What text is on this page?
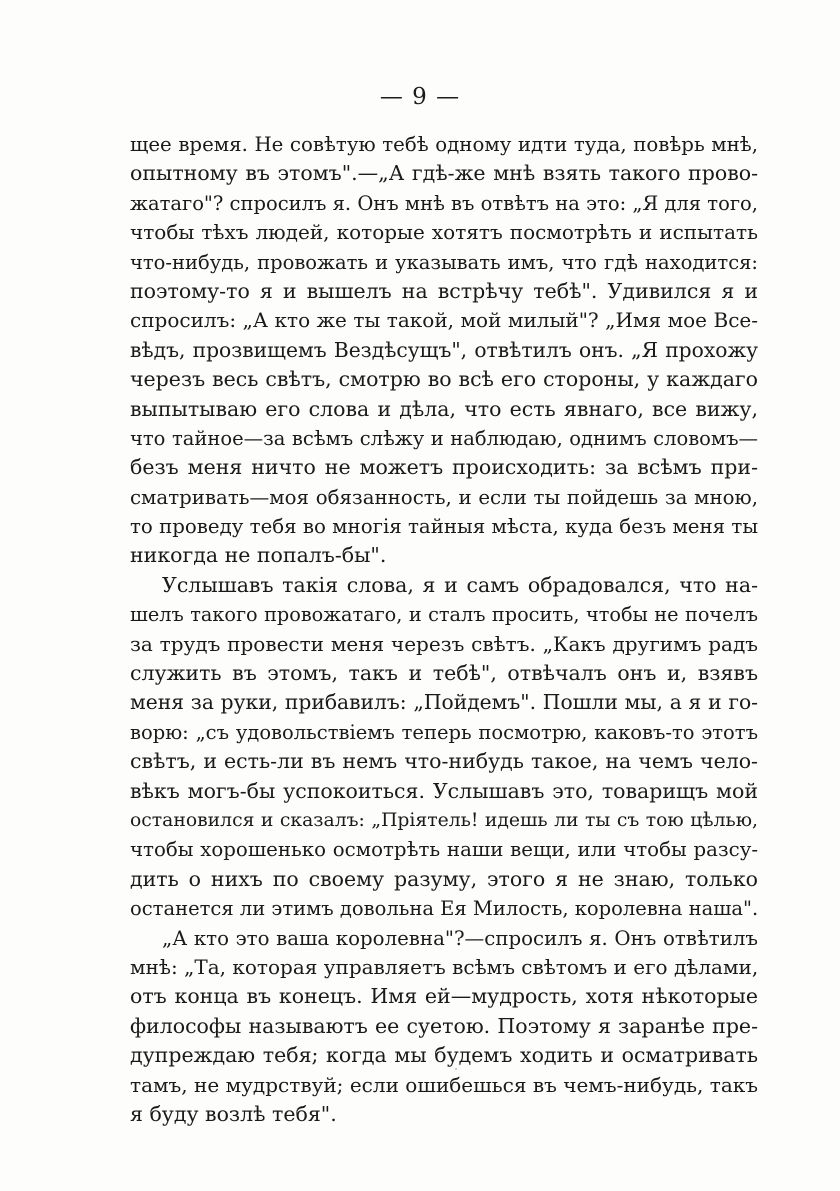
— 9 —
щее время. Не совѣтую тебѣ одному идти туда, повѣрь мнѣ,
опытному въ этомъ".—„А гдѣ-же мнѣ взять такого прово-
жатаго"? спросилъ я. Онъ мнѣ въ отвѣтъ на это: „Я для того,
чтобы тѣхъ людей, которые хотятъ посмотрѣть и испытать
что-нибудь, провожать и указывать имъ, что гдѣ находится:
поэтому-то я и вышелъ на встрѣчу тебѣ". Удивился я и
спросилъ: „А кто же ты такой, мой милый"? „Имя мое Все-
вѣдъ, прозвищемъ Вездѣсущъ", отвѣтилъ онъ. „Я прохожу
черезъ весь свѣтъ, смотрю во всѣ его стороны, у каждаго
выпытываю его слова и дѣла, что есть явнаго, все вижу,
что тайное—за всѣмъ слѣжу и наблюдаю, однимъ словомъ—
безъ меня ничто не можетъ происходить: за всѣмъ при-
сматривать—моя обязанность, и если ты пойдешь за мною,
то проведу тебя во многія тайныя мѣста, куда безъ меня ты
никогда не попалъ-бы".
Услышавъ такія слова, я и самъ обрадовался, что на-
шелъ такого провожатаго, и сталъ просить, чтобы не почелъ
за трудъ провести меня черезъ свѣтъ. „Какъ другимъ радъ
служить въ этомъ, такъ и тебѣ", отвѣчалъ онъ и, взявъ
меня за руки, прибавилъ: „Пойдемъ". Пошли мы, а я и го-
ворю: „съ удовольствіемъ теперь посмотрю, каковъ-то этотъ
свѣтъ, и есть-ли въ немъ что-нибудь такое, на чемъ чело-
вѣкъ могъ-бы успокоиться. Услышавъ это, товарищъ мой
остановился и сказалъ: „Пріятель! идешь ли ты съ тою цѣлью,
чтобы хорошенько осмотрѣть наши вещи, или чтобы разсу-
дить о нихъ по своему разуму, этого я не знаю, только
останется ли этимъ довольна Ея Милость, королевна наша".
„А кто это ваша королевна"?—спросилъ я. Онъ отвѣтилъ
мнѣ: „Та, которая управляетъ всѣмъ свѣтомъ и его дѣлами,
отъ конца въ конецъ. Имя ей—мудрость, хотя нѣкоторые
философы называютъ ее суетою. Поэтому я заранѣе пре-
дупреждаю тебя; когда мы будемъ ходить и осматривать
тамъ, не мудрствуй; если ошибешься въ чемъ-нибудь, такъ
я буду возлѣ тебя".
